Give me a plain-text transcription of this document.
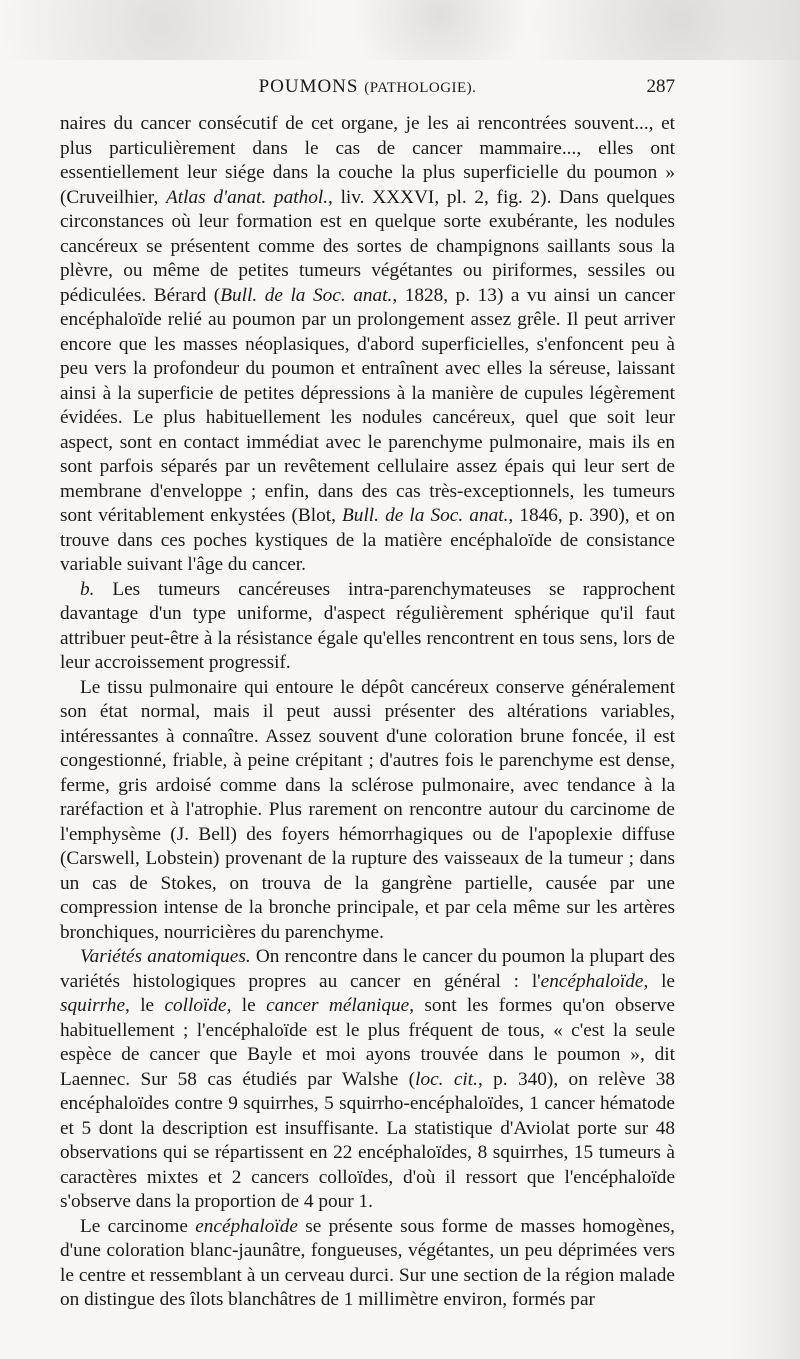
POUMONS (PATHOLOGIE).	287

naires du cancer consécutif de cet organe, je les ai rencontrées souvent..., et plus particulièrement dans le cas de cancer mammaire..., elles ont essentiellement leur siége dans la couche la plus superficielle du poumon » (Cruveilhier, Atlas d'anat. pathol., liv. XXXVI, pl. 2, fig. 2). Dans quelques circonstances où leur formation est en quelque sorte exubérante, les nodules cancéreux se présentent comme des sortes de champignons saillants sous la plèvre, ou même de petites tumeurs végétantes ou piriformes, sessiles ou pédiculées. Bérard (Bull. de la Soc. anat., 1828, p. 13) a vu ainsi un cancer encéphaloïde relié au poumon par un prolongement assez grêle. Il peut arriver encore que les masses néoplasiques, d'abord superficielles, s'enfoncent peu à peu vers la profondeur du poumon et entraînent avec elles la séreuse, laissant ainsi à la superficie de petites dépressions à la manière de cupules légèrement évidées. Le plus habituellement les nodules cancéreux, quel que soit leur aspect, sont en contact immédiat avec le parenchyme pulmonaire, mais ils en sont parfois séparés par un revêtement cellulaire assez épais qui leur sert de membrane d'enveloppe ; enfin, dans des cas très-exceptionnels, les tumeurs sont véritablement enkystées (Blot, Bull. de la Soc. anat., 1846, p. 390), et on trouve dans ces poches kystiques de la matière encéphaloïde de consistance variable suivant l'âge du cancer.

b. Les tumeurs cancéreuses intra-parenchymateuses se rapprochent davantage d'un type uniforme, d'aspect régulièrement sphérique qu'il faut attribuer peut-être à la résistance égale qu'elles rencontrent en tous sens, lors de leur accroissement progressif.

Le tissu pulmonaire qui entoure le dépôt cancéreux conserve généralement son état normal, mais il peut aussi présenter des altérations variables, intéressantes à connaître. Assez souvent d'une coloration brune foncée, il est congestionné, friable, à peine crépitant ; d'autres fois le parenchyme est dense, ferme, gris ardoisé comme dans la sclérose pulmonaire, avec tendance à la raréfaction et à l'atrophie. Plus rarement on rencontre autour du carcinome de l'emphysème (J. Bell) des foyers hémorrhagiques ou de l'apoplexie diffuse (Carswell, Lobstein) provenant de la rupture des vaisseaux de la tumeur ; dans un cas de Stokes, on trouva de la gangrène partielle, causée par une compression intense de la bronche principale, et par cela même sur les artères bronchiques, nourricières du parenchyme.

Variétés anatomiques. On rencontre dans le cancer du poumon la plupart des variétés histologiques propres au cancer en général : l'encéphaloïde, le squirrhe, le colloïde, le cancer mélanique, sont les formes qu'on observe habituellement ; l'encéphaloïde est le plus fréquent de tous, « c'est la seule espèce de cancer que Bayle et moi ayons trouvée dans le poumon », dit Laennec. Sur 58 cas étudiés par Walshe (loc. cit., p. 340), on relève 38 encéphaloïdes contre 9 squirrhes, 5 squirrho-encéphaloïdes, 1 cancer hématode et 5 dont la description est insuffisante. La statistique d'Aviolat porte sur 48 observations qui se répartissent en 22 encéphaloïdes, 8 squirrhes, 15 tumeurs à caractères mixtes et 2 cancers colloïdes, d'où il ressort que l'encéphaloïde s'observe dans la proportion de 4 pour 1.

Le carcinome encéphaloïde se présente sous forme de masses homogènes, d'une coloration blanc-jaunâtre, fongueuses, végétantes, un peu déprimées vers le centre et ressemblant à un cerveau durci. Sur une section de la région malade on distingue des îlots blanchâtres de 1 millimètre environ, formés par
